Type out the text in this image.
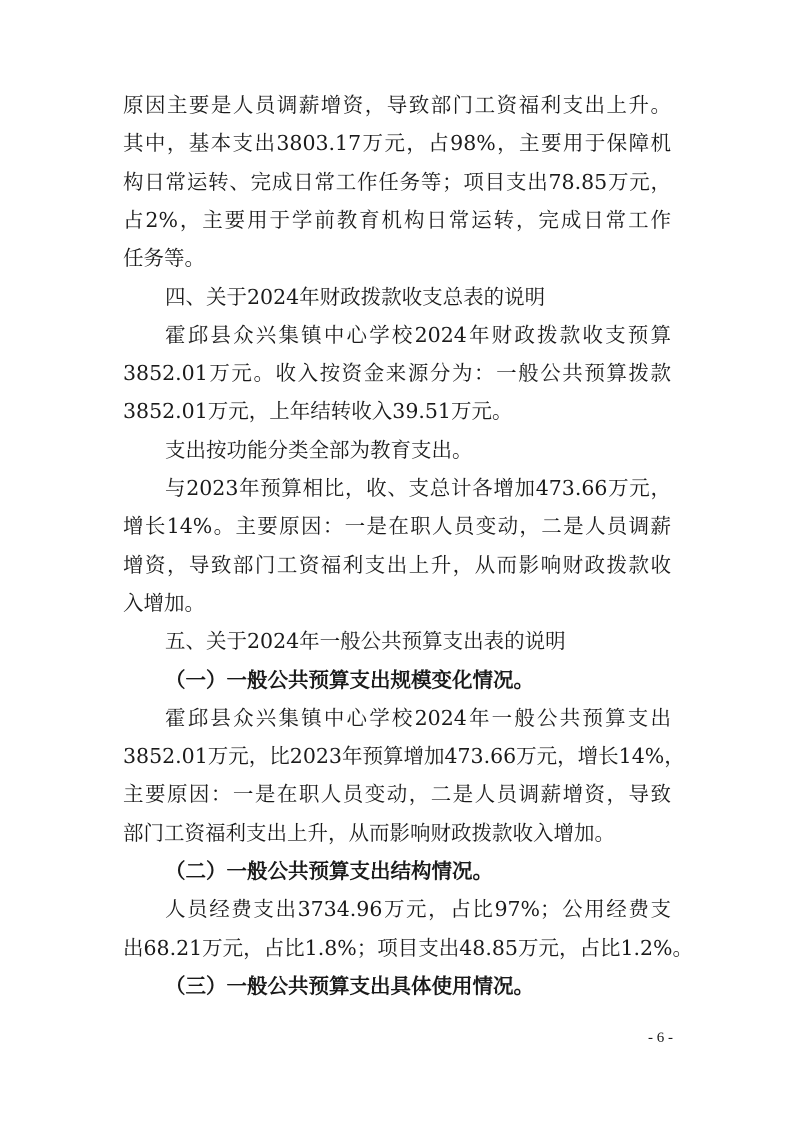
原因主要是人员调薪增资，导致部门工资福利支出上升。
其中，基本支出3803.17万元，占98%，主要用于保障机
构日常运转、完成日常工作任务等；项目支出78.85万元，
占2%，主要用于学前教育机构日常运转，完成日常工作
任务等。
四、关于2024年财政拨款收支总表的说明
霍邱县众兴集镇中心学校2024年财政拨款收支预算
3852.01万元。收入按资金来源分为：一般公共预算拨款
3852.01万元，上年结转收入39.51万元。
支出按功能分类全部为教育支出。
与2023年预算相比，收、支总计各增加473.66万元，
增长14%。主要原因：一是在职人员变动，二是人员调薪
增资，导致部门工资福利支出上升，从而影响财政拨款收
入增加。
五、关于2024年一般公共预算支出表的说明
（一）一般公共预算支出规模变化情况。
霍邱县众兴集镇中心学校2024年一般公共预算支出
3852.01万元，比2023年预算增加473.66万元，增长14%，
主要原因：一是在职人员变动，二是人员调薪增资，导致
部门工资福利支出上升，从而影响财政拨款收入增加。
（二）一般公共预算支出结构情况。
人员经费支出3734.96万元，占比97%；公用经费支
出68.21万元，占比1.8%；项目支出48.85万元，占比1.2%。
（三）一般公共预算支出具体使用情况。
- 6 -
